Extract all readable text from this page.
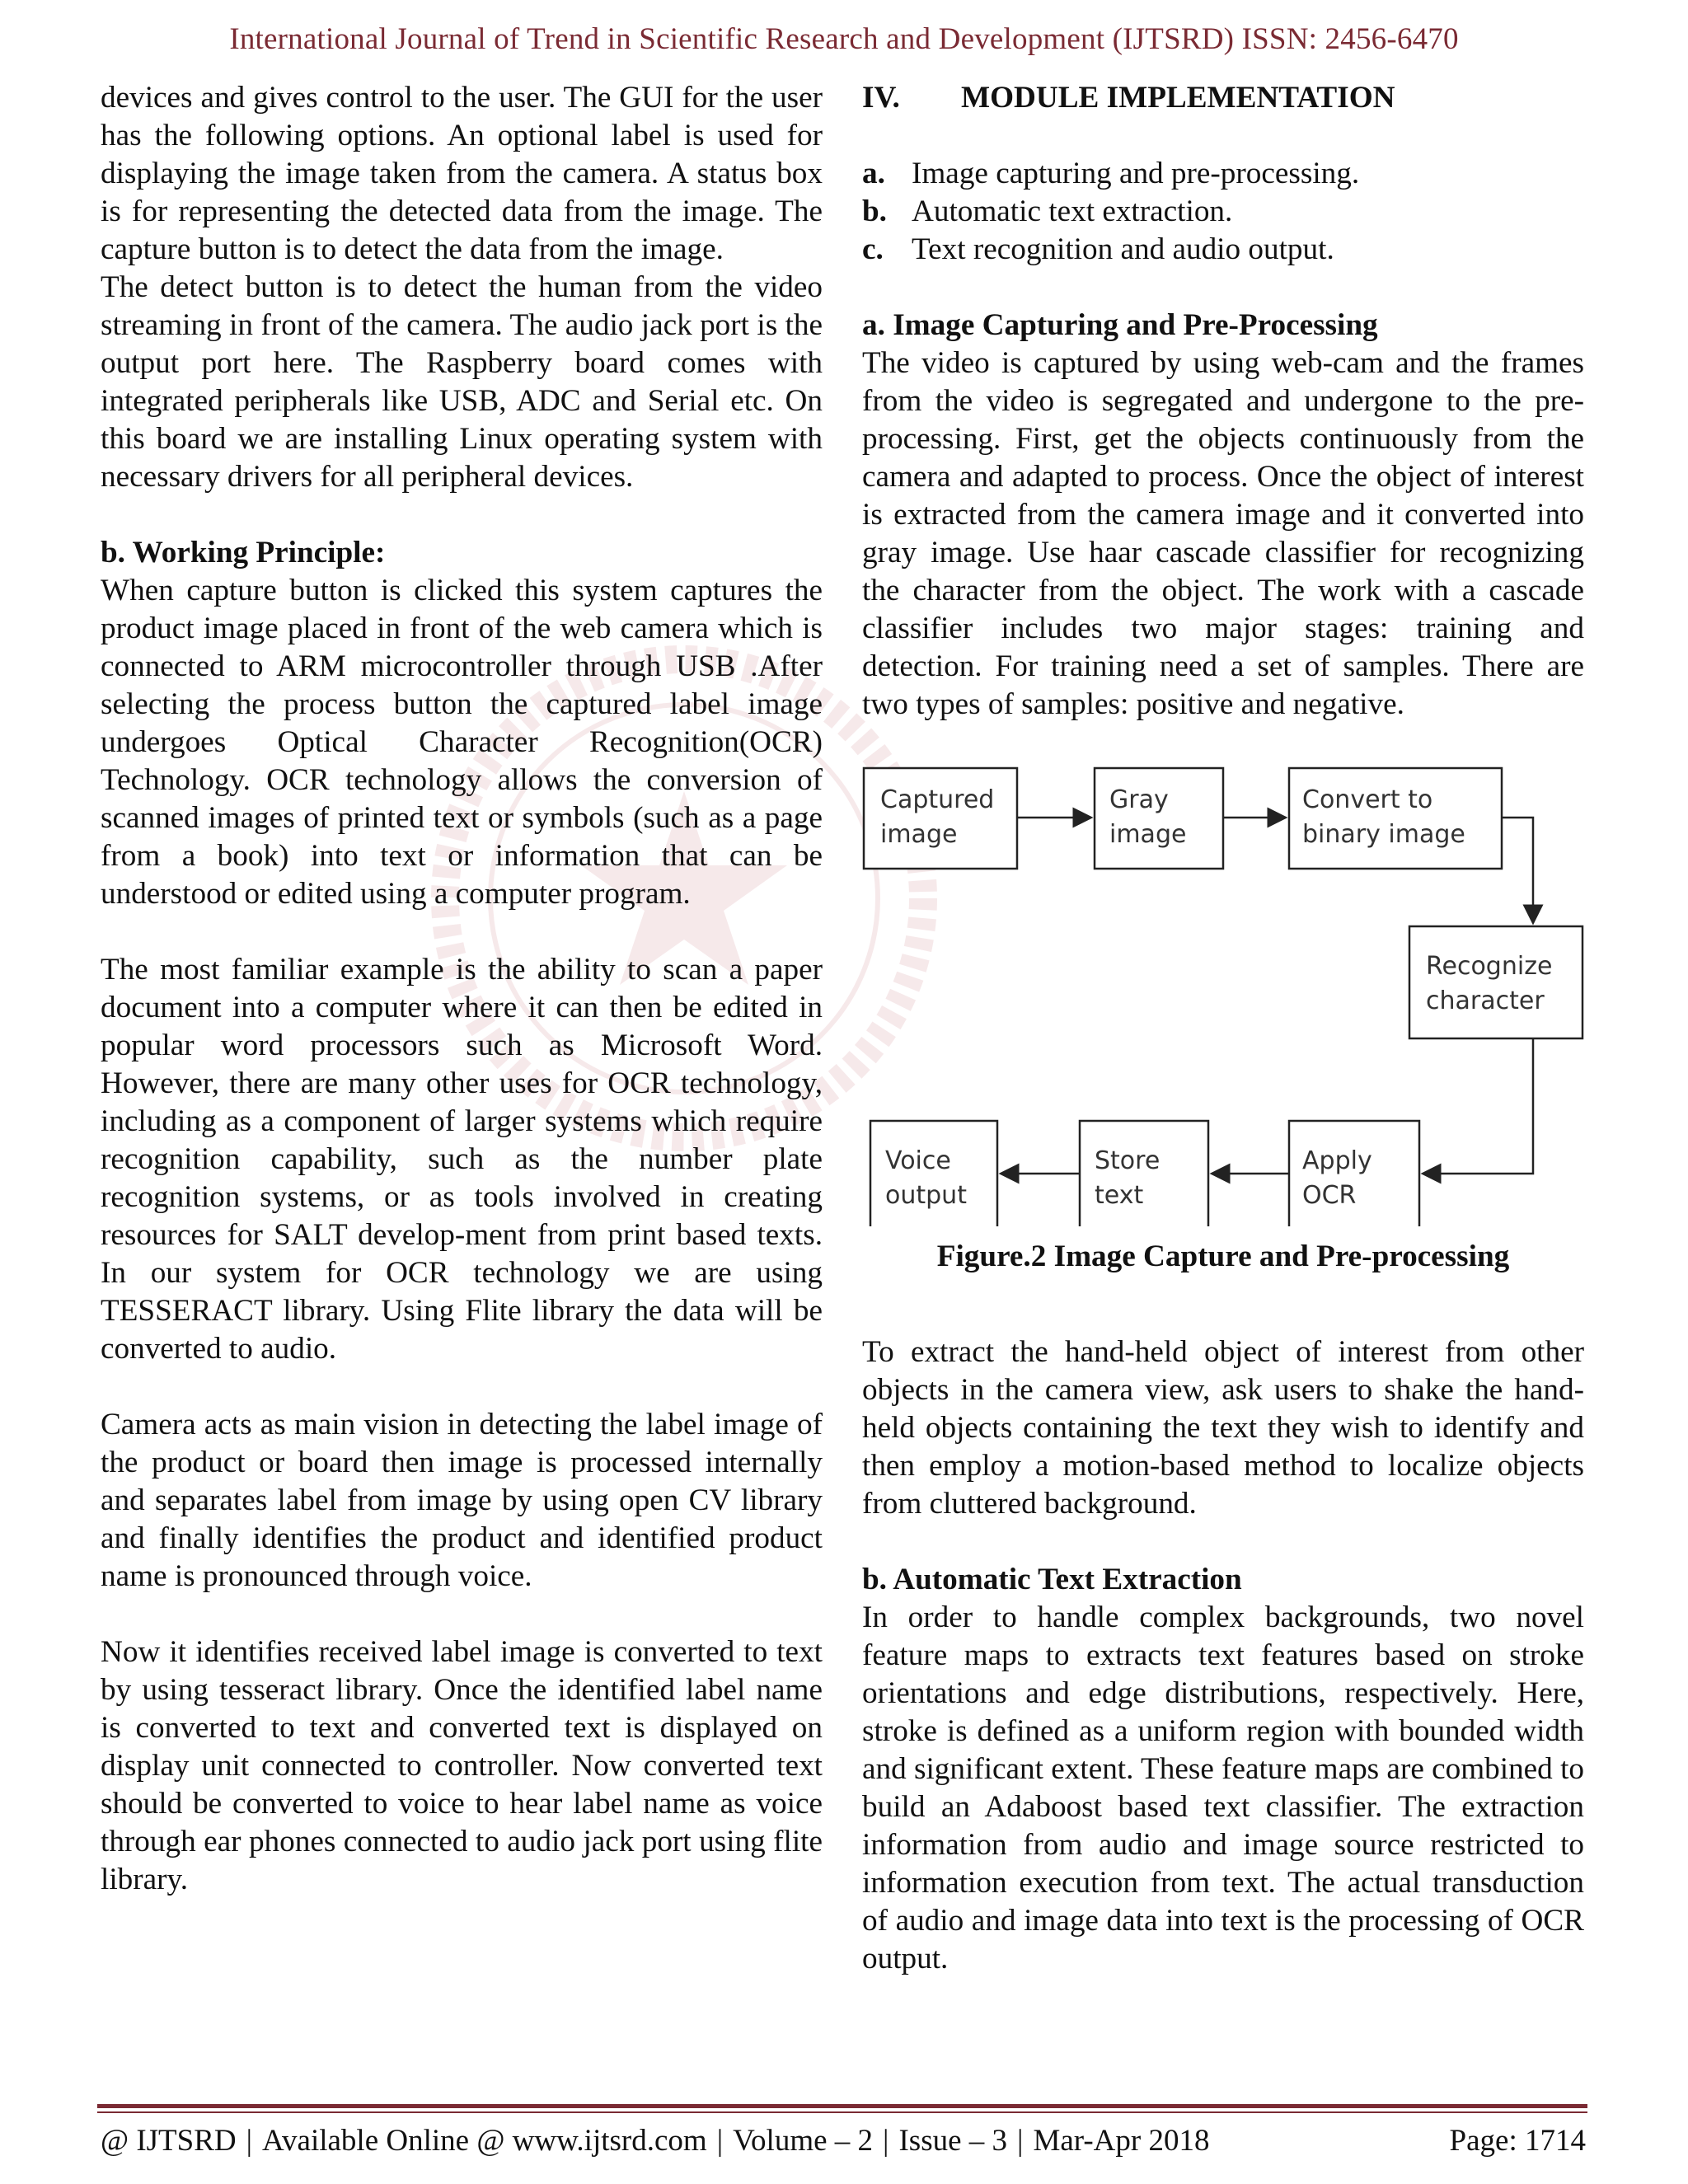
International Journal of Trend in Scientific Research and Development (IJTSRD) ISSN: 2456-6470

devices and gives control to the user. The GUI for the user has the following options. An optional label is used for displaying the image taken from the camera. A status box is for representing the detected data from the image. The capture button is to detect the data from the image.

The detect button is to detect the human from the video streaming in front of the camera. The audio jack port is the output port here. The Raspberry board comes with integrated peripherals like USB, ADC and Serial etc. On this board we are installing Linux operating system with necessary drivers for all peripheral devices.

b. Working Principle:

When capture button is clicked this system captures the product image placed in front of the web camera which is connected to ARM microcontroller through USB .After selecting the process button the captured label image undergoes Optical Character Recognition(OCR) Technology. OCR technology allows the conversion of scanned images of printed text or symbols (such as a page from a book) into text or information that can be understood or edited using a computer program.

The most familiar example is the ability to scan a paper document into a computer where it can then be edited in popular word processors such as Microsoft Word. However, there are many other uses for OCR technology, including as a component of larger systems which require recognition capability, such as the number plate recognition systems, or as tools involved in creating resources for SALT develop-ment from print based texts. In our system for OCR technology we are using TESSERACT library. Using Flite library the data will be converted to audio.

Camera acts as main vision in detecting the label image of the product or board then image is processed internally and separates label from image by using open CV library and finally identifies the product and identified product name is pronounced through voice.

Now it identifies received label image is converted to text by using tesseract library. Once the identified label name is converted to text and converted text is displayed on display unit connected to controller. Now converted text should be converted to voice to hear label name as voice through ear phones connected to audio jack port using flite library.

IV. MODULE IMPLEMENTATION

a. Image capturing and pre-processing.
b. Automatic text extraction.
c. Text recognition and audio output.

a. Image Capturing and Pre-Processing

The video is captured by using web-cam and the frames from the video is segregated and undergone to the pre-processing. First, get the objects continuously from the camera and adapted to process. Once the object of interest is extracted from the camera image and it converted into gray image. Use haar cascade classifier for recognizing the character from the object. The work with a cascade classifier includes two major stages: training and detection. For training need a set of samples. There are two types of samples: positive and negative.

Captured
image
Gray
image
Convert to
binary image
Recognize
character
Apply
OCR
Store
text
Voice
output
Figure.2 Image Capture and Pre-processing

To extract the hand-held object of interest from other objects in the camera view, ask users to shake the hand-held objects containing the text they wish to identify and then employ a motion-based method to localize objects from cluttered background.

b. Automatic Text Extraction

In order to handle complex backgrounds, two novel feature maps to extracts text features based on stroke orientations and edge distributions, respectively. Here, stroke is defined as a uniform region with bounded width and significant extent. These feature maps are combined to build an Adaboost based text classifier. The extraction information from audio and image source restricted to information execution from text. The actual transduction of audio and image data into text is the processing of OCR output.

@ IJTSRD | Available Online @ www.ijtsrd.com | Volume – 2 | Issue – 3 | Mar-Apr 2018	Page: 1714
